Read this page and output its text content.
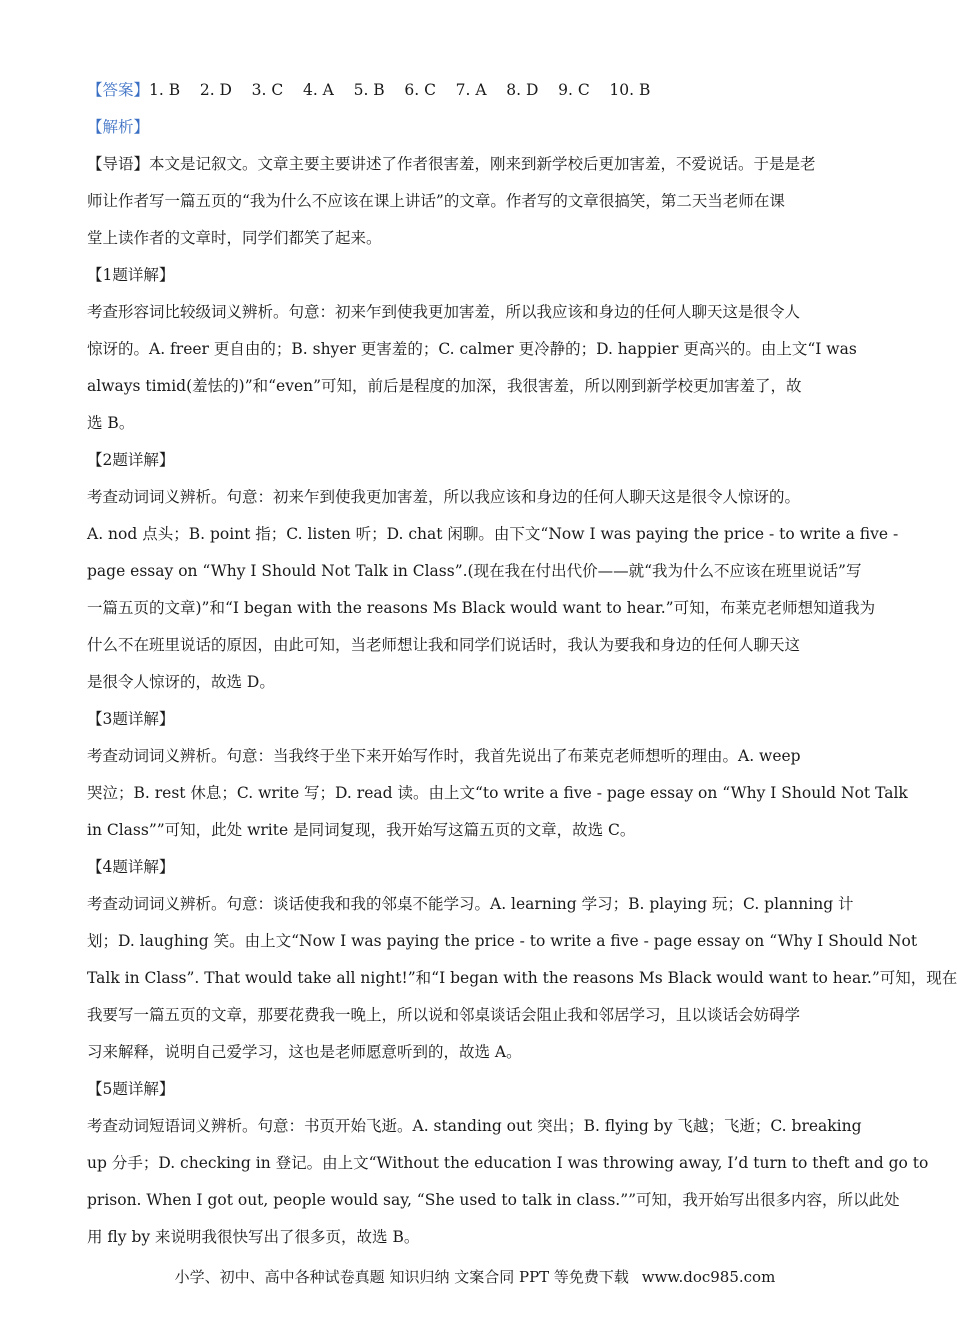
【答案】1. B    2. D    3. C    4. A    5. B    6. C    7. A    8. D    9. C    10. B
【解析】
【导语】本文是记叙文。文章主要主要讲述了作者很害羞，刚来到新学校后更加害羞，不爱说话。于是是老
师让作者写一篇五页的“我为什么不应该在课上讲话”的文章。作者写的文章很搞笑，第二天当老师在课
堂上读作者的文章时，同学们都笑了起来。
【1题详解】
考查形容词比较级词义辨析。句意：初来乍到使我更加害羞，所以我应该和身边的任何人聊天这是很令人
惊讶的。A. freer 更自由的；B. shyer 更害羞的；C. calmer 更冷静的；D. happier 更高兴的。由上文“I was
always timid(羞怯的)”和“even”可知，前后是程度的加深，我很害羞，所以刚到新学校更加害羞了，故
选 B。
【2题详解】
考查动词词义辨析。句意：初来乍到使我更加害羞，所以我应该和身边的任何人聊天这是很令人惊讶的。
A. nod 点头；B. point 指；C. listen 听；D. chat 闲聊。由下文“Now I was paying the price - to write a five -
page essay on “Why I Should Not Talk in Class”.(现在我在付出代价——就“我为什么不应该在班里说话”写
一篇五页的文章)”和“I began with the reasons Ms Black would want to hear.”可知，布莱克老师想知道我为
什么不在班里说话的原因，由此可知，当老师想让我和同学们说话时，我认为要我和身边的任何人聊天这
是很令人惊讶的，故选 D。
【3题详解】
考查动词词义辨析。句意：当我终于坐下来开始写作时，我首先说出了布莱克老师想听的理由。A. weep
哭泣；B. rest 休息；C. write 写；D. read 读。由上文“to write a five - page essay on “Why I Should Not Talk
in Class””可知，此处 write 是同词复现，我开始写这篇五页的文章，故选 C。
【4题详解】
考查动词词义辨析。句意：谈话使我和我的邻桌不能学习。A. learning 学习；B. playing 玩；C. planning 计
划；D. laughing 笑。由上文“Now I was paying the price - to write a five - page essay on “Why I Should Not
Talk in Class”. That would take all night!”和“I began with the reasons Ms Black would want to hear.”可知，现在
我要写一篇五页的文章，那要花费我一晚上，所以说和邻桌谈话会阻止我和邻居学习，且以谈话会妨碍学
习来解释，说明自己爱学习，这也是老师愿意听到的，故选 A。
【5题详解】
考查动词短语词义辨析。句意：书页开始飞逝。A. standing out 突出；B. flying by 飞越；飞逝；C. breaking
up 分手；D. checking in 登记。由上文“Without the education I was throwing away, I’d turn to theft and go to
prison. When I got out, people would say, “She used to talk in class.””可知，我开始写出很多内容，所以此处
用 fly by 来说明我很快写出了很多页，故选 B。
小学、初中、高中各种试卷真题 知识归纳 文案合同 PPT 等免费下载 www.doc985.com
